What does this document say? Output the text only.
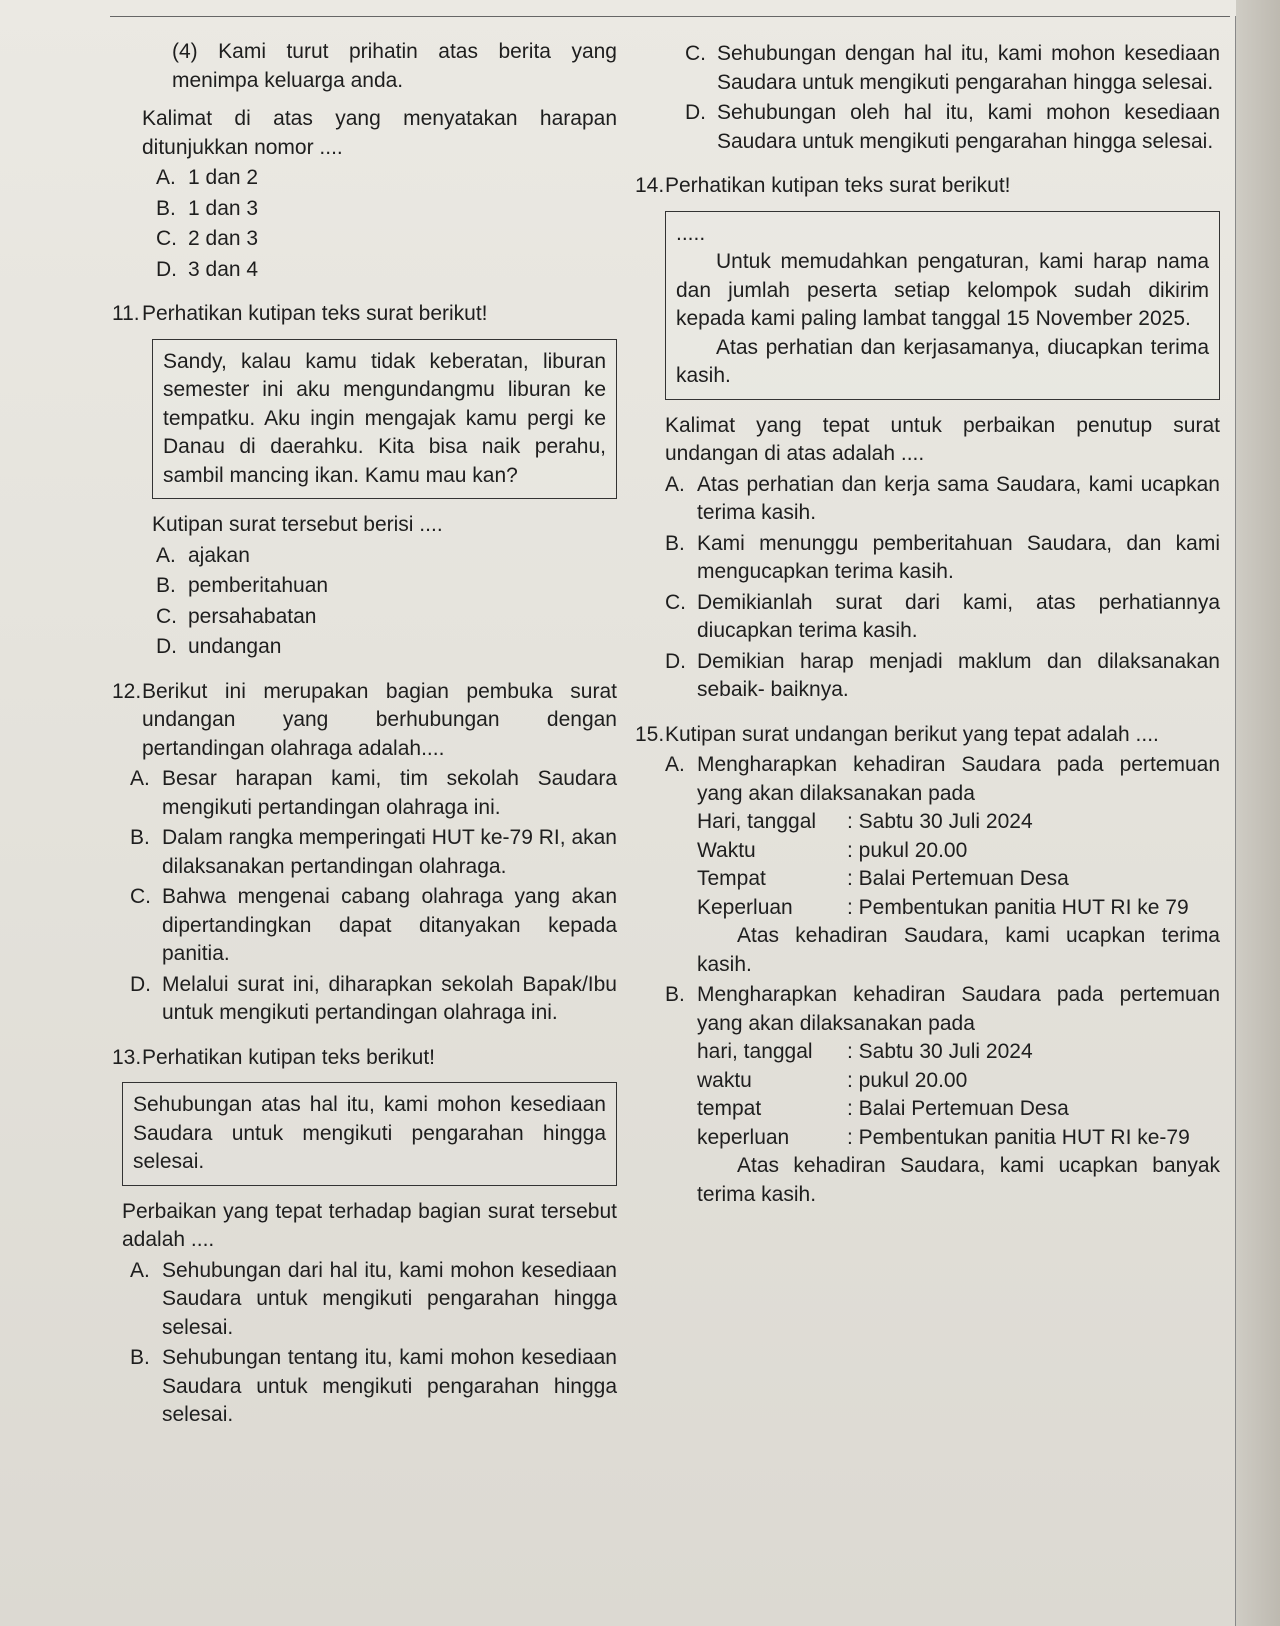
(4) Kami turut prihatin atas berita yang menimpa keluarga anda.
Kalimat di atas yang menyatakan harapan ditunjukkan nomor ....
A. 1 dan 2
B. 1 dan 3
C. 2 dan 3
D. 3 dan 4
11. Perhatikan kutipan teks surat berikut!
Sandy, kalau kamu tidak keberatan, liburan semester ini aku mengundangmu liburan ke tempatku. Aku ingin mengajak kamu pergi ke Danau di daerahku. Kita bisa naik perahu, sambil mancing ikan. Kamu mau kan?
Kutipan surat tersebut berisi ....
A. ajakan
B. pemberitahuan
C. persahabatan
D. undangan
12. Berikut ini merupakan bagian pembuka surat undangan yang berhubungan dengan pertandingan olahraga adalah....
A. Besar harapan kami, tim sekolah Saudara mengikuti pertandingan olahraga ini.
B. Dalam rangka memperingati HUT ke-79 RI, akan dilaksanakan pertandingan olahraga.
C. Bahwa mengenai cabang olahraga yang akan dipertandingkan dapat ditanyakan kepada panitia.
D. Melalui surat ini, diharapkan sekolah Bapak/Ibu untuk mengikuti pertandingan olahraga ini.
13. Perhatikan kutipan teks berikut!
Sehubungan atas hal itu, kami mohon kesediaan Saudara untuk mengikuti pengarahan hingga selesai.
Perbaikan yang tepat terhadap bagian surat tersebut adalah ....
A. Sehubungan dari hal itu, kami mohon kesediaan Saudara untuk mengikuti pengarahan hingga selesai.
B. Sehubungan tentang itu, kami mohon kesediaan Saudara untuk mengikuti pengarahan hingga selesai.
C. Sehubungan dengan hal itu, kami mohon kesediaan Saudara untuk mengikuti pengarahan hingga selesai.
D. Sehubungan oleh hal itu, kami mohon kesediaan Saudara untuk mengikuti pengarahan hingga selesai.
14. Perhatikan kutipan teks surat berikut!
.....
Untuk memudahkan pengaturan, kami harap nama dan jumlah peserta setiap kelompok sudah dikirim kepada kami paling lambat tanggal 15 November 2025.
Atas perhatian dan kerjasamanya, diucapkan terima kasih.
Kalimat yang tepat untuk perbaikan penutup surat undangan di atas adalah ....
A. Atas perhatian dan kerja sama Saudara, kami ucapkan terima kasih.
B. Kami menunggu pemberitahuan Saudara, dan kami mengucapkan terima kasih.
C. Demikianlah surat dari kami, atas perhatiannya diucapkan terima kasih.
D. Demikian harap menjadi maklum dan dilaksanakan sebaik- baiknya.
15. Kutipan surat undangan berikut yang tepat adalah ....
A. Mengharapkan kehadiran Saudara pada pertemuan yang akan dilaksanakan pada
Hari, tanggal	: Sabtu 30 Juli 2024
Waktu	: pukul 20.00
Tempat	: Balai Pertemuan Desa
Keperluan	: Pembentukan panitia HUT RI ke 79
Atas kehadiran Saudara, kami ucapkan terima kasih.
B. Mengharapkan kehadiran Saudara pada pertemuan yang akan dilaksanakan pada
hari, tanggal	: Sabtu 30 Juli 2024
waktu	: pukul 20.00
tempat	: Balai Pertemuan Desa
keperluan	: Pembentukan panitia HUT RI ke-79
Atas kehadiran Saudara, kami ucapkan banyak terima kasih.
